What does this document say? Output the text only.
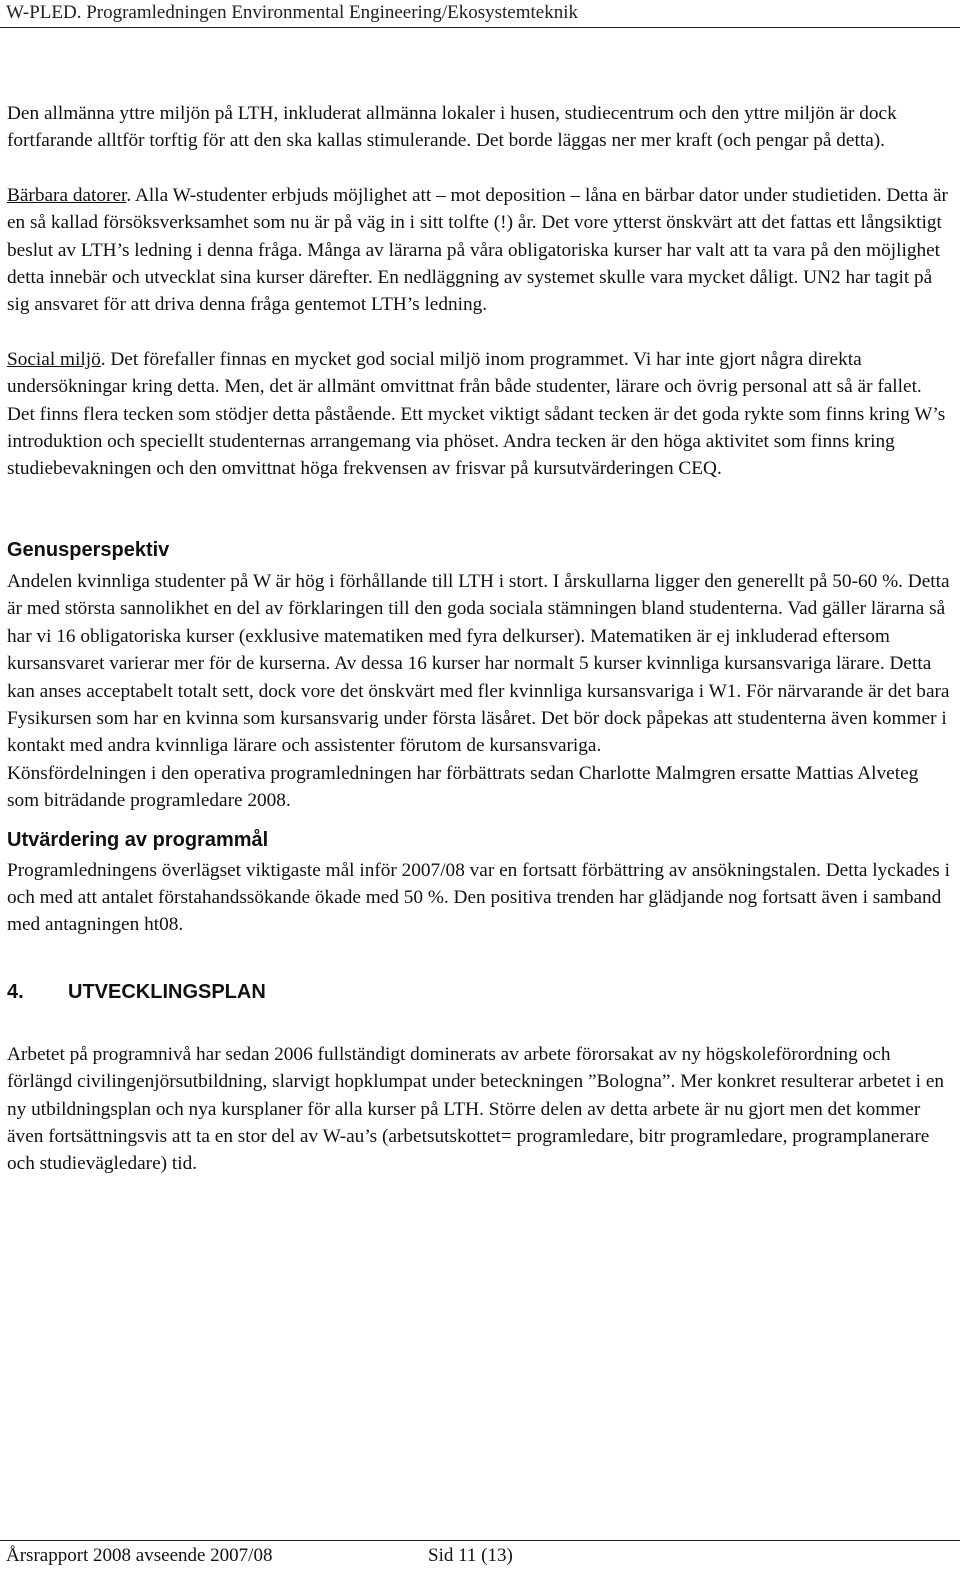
W-PLED. Programledningen Environmental Engineering/Ekosystemteknik

Den allmänna yttre miljön på LTH, inkluderat allmänna lokaler i husen, studiecentrum och den yttre miljön är dock fortfarande alltför torftig för att den ska kallas stimulerande. Det borde läggas ner mer kraft (och pengar på detta).

Bärbara datorer. Alla W-studenter erbjuds möjlighet att – mot deposition – låna en bärbar dator under studietiden. Detta är en så kallad försöksverksamhet som nu är på väg in i sitt tolfte (!) år. Det vore ytterst önskvärt att det fattas ett långsiktigt beslut av LTH’s ledning i denna fråga. Många av lärarna på våra obligatoriska kurser har valt att ta vara på den möjlighet detta innebär och utvecklat sina kurser därefter. En nedläggning av systemet skulle vara mycket dåligt. UN2 har tagit på sig ansvaret för att driva denna fråga gentemot LTH’s ledning.

Social miljö. Det förefaller finnas en mycket god social miljö inom programmet. Vi har inte gjort några direkta undersökningar kring detta. Men, det är allmänt omvittnat från både studenter, lärare och övrig personal att så är fallet. Det finns flera tecken som stödjer detta påstående. Ett mycket viktigt sådant tecken är det goda rykte som finns kring W’s introduktion och speciellt studenternas arrangemang via phöset. Andra tecken är den höga aktivitet som finns kring studiebevakningen och den omvittnat höga frekvensen av frisvar på kursutvärderingen CEQ.

Genusperspektiv

Andelen kvinnliga studenter på W är hög i förhållande till LTH i stort. I årskullarna ligger den generellt på 50-60 %. Detta är med största sannolikhet en del av förklaringen till den goda sociala stämningen bland studenterna. Vad gäller lärarna så har vi 16 obligatoriska kurser (exklusive matematiken med fyra delkurser). Matematiken är ej inkluderad eftersom kursansvaret varierar mer för de kurserna. Av dessa 16 kurser har normalt 5 kurser kvinnliga kursansvariga lärare. Detta kan anses acceptabelt totalt sett, dock vore det önskvärt med fler kvinnliga kursansvariga i W1. För närvarande är det bara Fysikursen som har en kvinna som kursansvarig under första läsåret. Det bör dock påpekas att studenterna även kommer i kontakt med andra kvinnliga lärare och assistenter förutom de kursansvariga.

Könsfördelningen i den operativa programledningen har förbättrats sedan Charlotte Malmgren ersatte Mattias Alveteg som biträdande programledare 2008.

Utvärdering av programmål

Programledningens överlägset viktigaste mål inför 2007/08 var en fortsatt förbättring av ansökningstalen. Detta lyckades i och med att antalet förstahandssökande ökade med 50 %. Den positiva trenden har glädjande nog fortsatt även i samband med antagningen ht08.

4. UTVECKLINGSPLAN

Arbetet på programnivå har sedan 2006 fullständigt dominerats av arbete förorsakat av ny högskoleförordning och förlängd civilingenjörsutbildning, slarvigt hopklumpat under beteckningen ”Bologna”. Mer konkret resulterar arbetet i en ny utbildningsplan och nya kursplaner för alla kurser på LTH. Större delen av detta arbete är nu gjort men det kommer även fortsättningsvis att ta en stor del av W-au’s (arbetsutskottet= programledare, bitr programledare, programplanerare och studievägledare) tid.

Årsrapport 2008 avseende 2007/08	Sid 11 (13)
